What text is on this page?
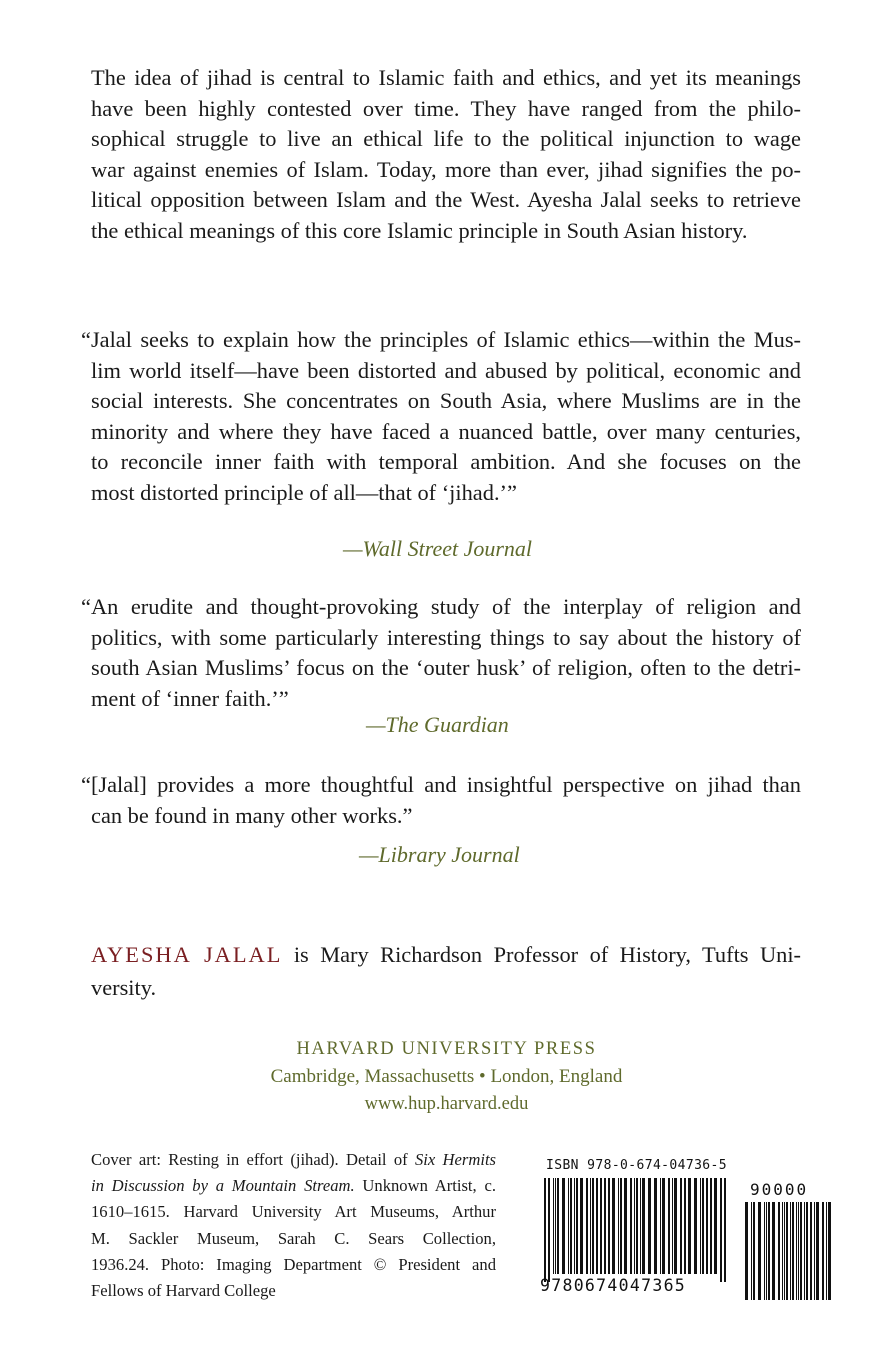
The idea of jihad is central to Islamic faith and ethics, and yet its meanings
have been highly contested over time. They have ranged from the philo-
sophical struggle to live an ethical life to the political injunction to wage
war against enemies of Islam. Today, more than ever, jihad signifies the po-
litical opposition between Islam and the West. Ayesha Jalal seeks to retrieve
the ethical meanings of this core Islamic principle in South Asian history.
“Jalal seeks to explain how the principles of Islamic ethics—within the Mus-
lim world itself—have been distorted and abused by political, economic and
social interests. She concentrates on South Asia, where Muslims are in the
minority and where they have faced a nuanced battle, over many centuries,
to reconcile inner faith with temporal ambition. And she focuses on the
most distorted principle of all—that of ‘jihad.’”

—Wall Street Journal

“An erudite and thought-provoking study of the interplay of religion and
politics, with some particularly interesting things to say about the history of
south Asian Muslims’ focus on the ‘outer husk’ of religion, often to the detri-
ment of ‘inner faith.’”

—The Guardian

“[Jalal] provides a more thoughtful and insightful perspective on jihad than
can be found in many other works.”

—Library Journal

AYESHA JALAL is Mary Richardson Professor of History, Tufts Uni-
versity.
HARVARD UNIVERSITY PRESS
Cambridge, Massachusetts • London, England
www.hup.harvard.edu
Cover art: Resting in effort (jihad). Detail of Six Hermits
in Discussion by a Mountain Stream. Unknown Artist, c.
1610–1615. Harvard University Art Museums, Arthur
M. Sackler Museum, Sarah C. Sears Collection,
1936.24. Photo: Imaging Department © President and
Fellows of Harvard College
ISBN 978-0-674-04736-5
90000
9780674047365
